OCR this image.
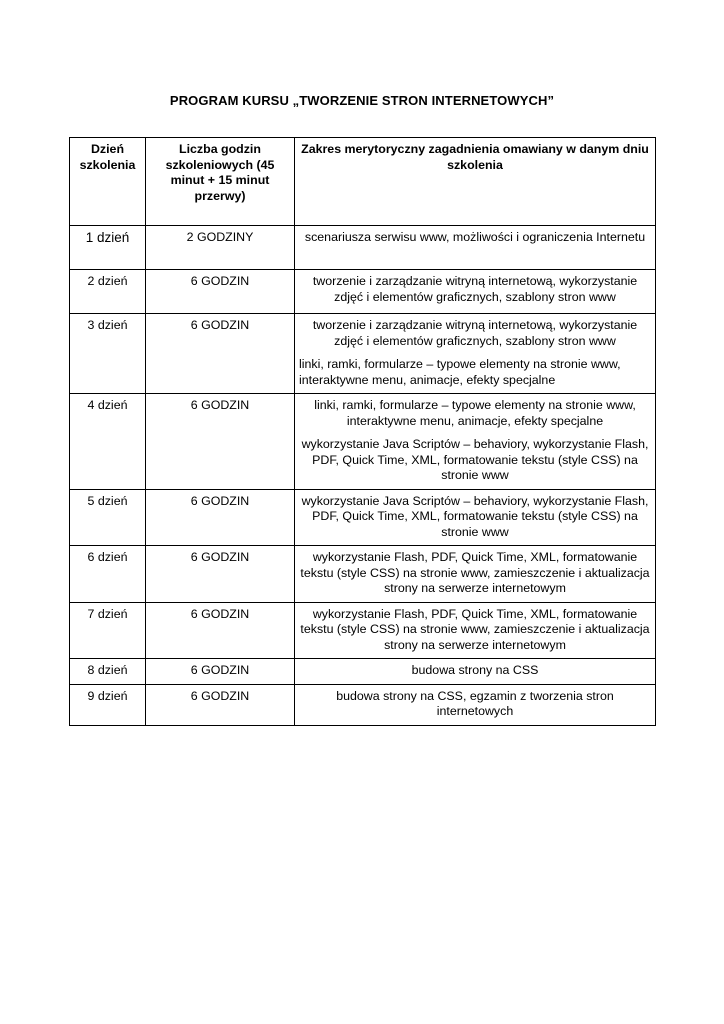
PROGRAM KURSU „TWORZENIE STRON INTERNETOWYCH”
Dzień szkolenia	Liczba godzin szkoleniowych (45 minut + 15 minut przerwy)	Zakres merytoryczny zagadnienia omawiany w danym dniu szkolenia
1 dzień	2 GODZINY	scenariusza serwisu www, możliwości i ograniczenia Internetu

2 dzień	6 GODZIN	tworzenie i zarządzanie witryną internetową, wykorzystanie zdjęć i elementów graficznych, szablony stron www

3 dzień	6 GODZIN	tworzenie i zarządzanie witryną internetową, wykorzystanie zdjęć i elementów graficznych, szablony stron www

linki, ramki, formularze – typowe elementy na stronie www, interaktywne menu, animacje, efekty specjalne

4 dzień	6 GODZIN	linki, ramki, formularze – typowe elementy na stronie www, interaktywne menu, animacje, efekty specjalne

wykorzystanie Java Scriptów – behaviory, wykorzystanie Flash, PDF, Quick Time, XML, formatowanie tekstu (style CSS) na stronie www

5 dzień	6 GODZIN	wykorzystanie Java Scriptów – behaviory, wykorzystanie Flash, PDF, Quick Time, XML, formatowanie tekstu (style CSS) na stronie www

6 dzień	6 GODZIN	wykorzystanie Flash, PDF, Quick Time, XML, formatowanie tekstu (style CSS) na stronie www, zamieszczenie i aktualizacja strony na serwerze internetowym

7 dzień	6 GODZIN	wykorzystanie Flash, PDF, Quick Time, XML, formatowanie tekstu (style CSS) na stronie www, zamieszczenie i aktualizacja strony na serwerze internetowym

8 dzień	6 GODZIN	budowa strony na CSS

9 dzień	6 GODZIN	budowa strony na CSS, egzamin z tworzenia stron internetowych
